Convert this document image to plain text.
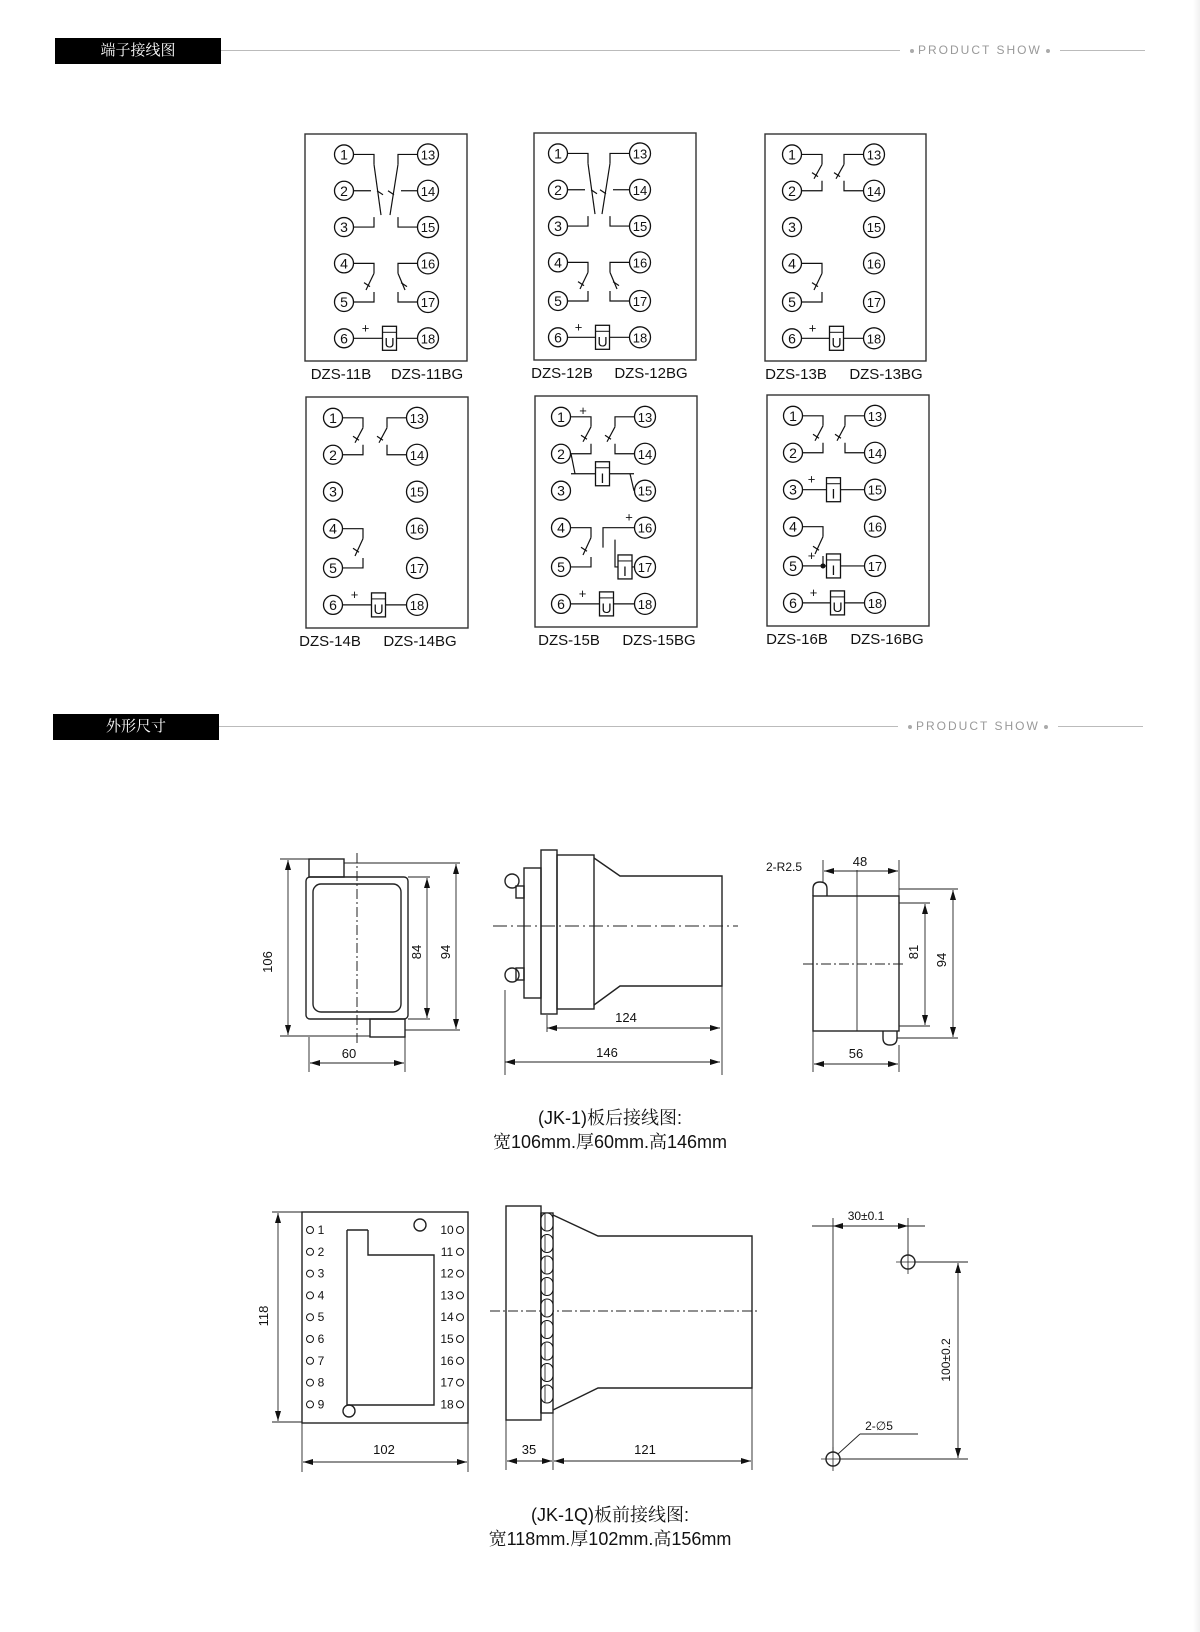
端子接线图	PRODUCT SHOW
外形尺寸	PRODUCT SHOW
1	13
2	14
3	15
4	16
5	17
6	18
U
+
DZS-11B DZS-11BG
1	13
2	14
3	15
4	16
5	17
6	18
U
+
DZS-12B DZS-12BG
1	13
2	14
3	15
4	16
5	17
6	18
U
+
DZS-13B DZS-13BG
1	13
2	14
3	15
4	16
5	17
6	18
U
+
DZS-14B DZS-14BG
1	13
2	14
3	15
4	16
5	17
6	18
+
I
I
+
U
+
DZS-15B DZS-15BG
1	13
2	14
3	15
4	16
5	17
6	18
I
+
I
+
U
+
DZS-16B DZS-16BG
106	84 94
60
124
146
2-R2.5	48
81
94
56
118
102	35	121
30±0.1
100±0.2
2-∅5
1
2
3
4
5
6
7
8
9
10
11
12
13
14
15
16
17
18
(JK-1)板后接线图:
宽106mm.厚60mm.高146mm
(JK-1Q)板前接线图:
宽118mm.厚102mm.高156mm
